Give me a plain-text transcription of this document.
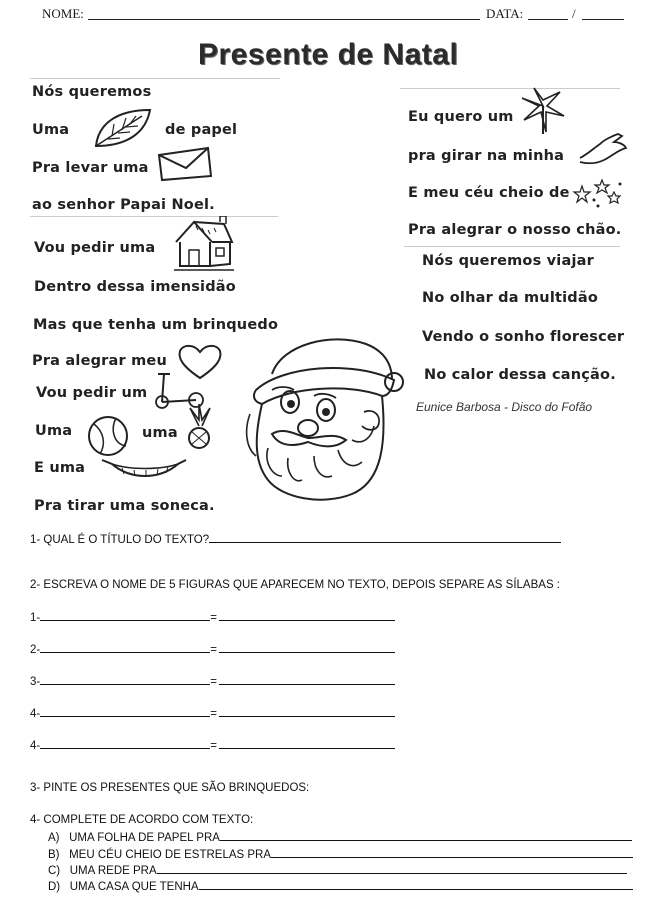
NOME:	DATA:	/
Presente de Natal
Nós queremos
Uma	de papel
Pra levar uma
ao senhor Papai Noel.
Vou pedir uma
Dentro dessa imensidão
Mas que tenha um brinquedo
Pra alegrar meu
Vou pedir um
Uma	uma
E uma
Pra tirar uma soneca.
Eu quero um
pra girar na minha
E meu céu cheio de
Pra alegrar o nosso chão.
Nós queremos viajar
No olhar da multidão
Vendo o sonho florescer
No calor dessa canção.
Eunice Barbosa - Disco do Fofão
1- QUAL É O TÍTULO DO TEXTO?
2- ESCREVA O NOME DE 5 FIGURAS QUE APARECEM NO TEXTO, DEPOIS SEPARE AS SÍLABAS :
1-	=
2-	=
3-	=
4-	=
4-	=
3- PINTE OS PRESENTES QUE SÃO BRINQUEDOS:
4- COMPLETE DE ACORDO COM TEXTO:
A) UMA FOLHA DE PAPEL PRA
B) MEU CÉU CHEIO DE ESTRELAS PRA
C) UMA REDE PRA
D) UMA CASA QUE TENHA
